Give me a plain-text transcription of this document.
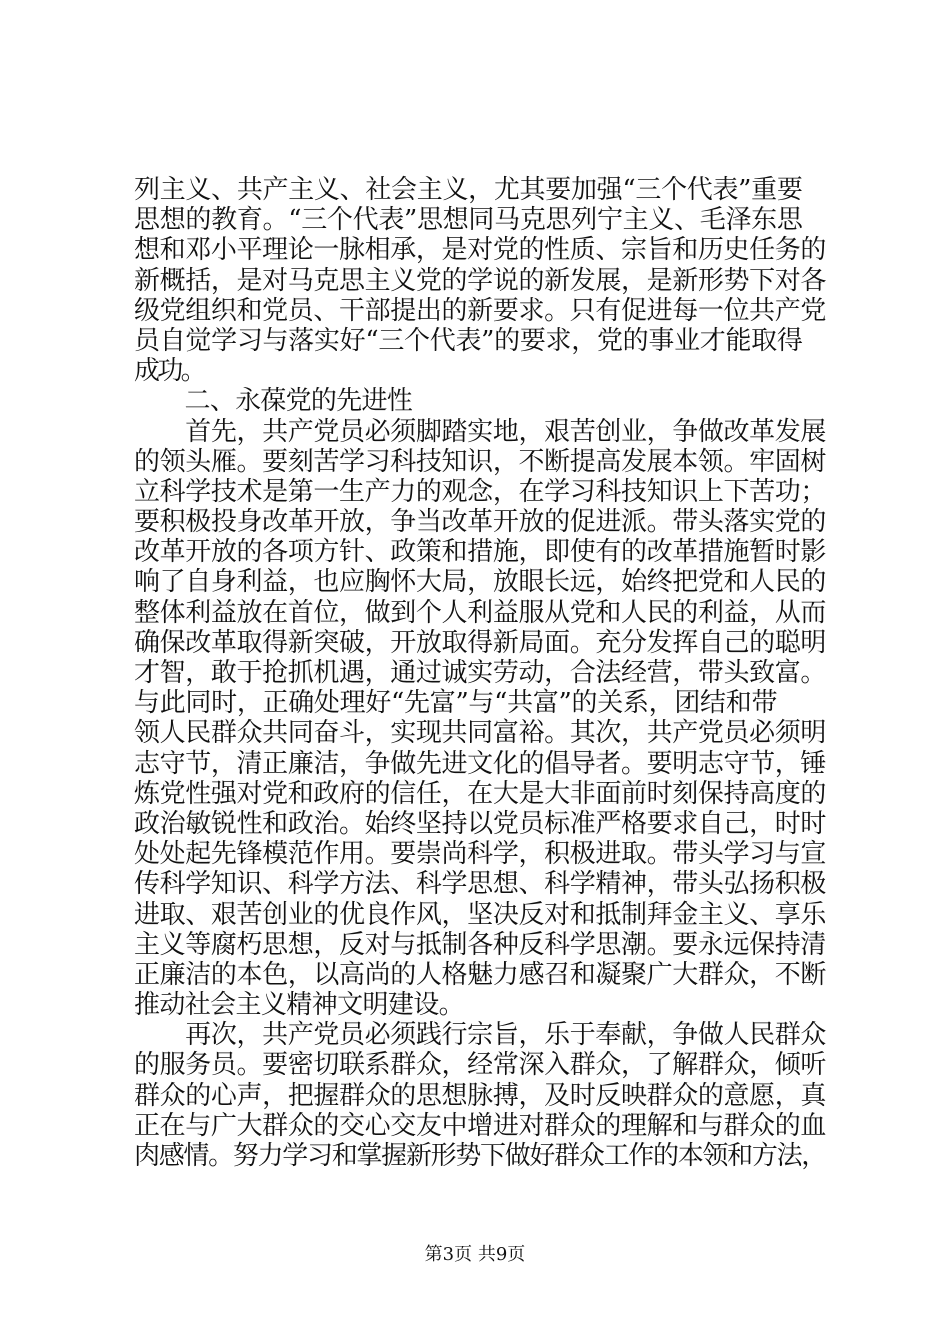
列主义、共产主义、社会主义，尤其要加强“三个代表”重要
思想的教育。“三个代表”思想同马克思列宁主义、毛泽东思
想和邓小平理论一脉相承，是对党的性质、宗旨和历史任务的
新概括，是对马克思主义党的学说的新发展，是新形势下对各
级党组织和党员、干部提出的新要求。只有促进每一位共产党
员自觉学习与落实好“三个代表”的要求，党的事业才能取得
成功。
　　二、永葆党的先进性
　　首先，共产党员必须脚踏实地，艰苦创业，争做改革发展
的领头雁。要刻苦学习科技知识，不断提高发展本领。牢固树
立科学技术是第一生产力的观念，在学习科技知识上下苦功；
要积极投身改革开放，争当改革开放的促进派。带头落实党的
改革开放的各项方针、政策和措施，即使有的改革措施暂时影
响了自身利益，也应胸怀大局，放眼长远，始终把党和人民的
整体利益放在首位，做到个人利益服从党和人民的利益，从而
确保改革取得新突破，开放取得新局面。充分发挥自己的聪明
才智，敢于抢抓机遇，通过诚实劳动，合法经营，带头致富。
与此同时，正确处理好“先富”与“共富”的关系，团结和带
领人民群众共同奋斗，实现共同富裕。其次，共产党员必须明
志守节，清正廉洁，争做先进文化的倡导者。要明志守节，锤
炼党性强对党和政府的信任，在大是大非面前时刻保持高度的
政治敏锐性和政治。始终坚持以党员标准严格要求自己，时时
处处起先锋模范作用。要崇尚科学，积极进取。带头学习与宣
传科学知识、科学方法、科学思想、科学精神，带头弘扬积极
进取、艰苦创业的优良作风，坚决反对和抵制拜金主义、享乐
主义等腐朽思想，反对与抵制各种反科学思潮。要永远保持清
正廉洁的本色，以高尚的人格魅力感召和凝聚广大群众，不断
推动社会主义精神文明建设。
　　再次，共产党员必须践行宗旨，乐于奉献，争做人民群众
的服务员。要密切联系群众，经常深入群众，了解群众，倾听
群众的心声，把握群众的思想脉搏，及时反映群众的意愿，真
正在与广大群众的交心交友中增进对群众的理解和与群众的血
肉感情。努力学习和掌握新形势下做好群众工作的本领和方法，
第3页 共9页
